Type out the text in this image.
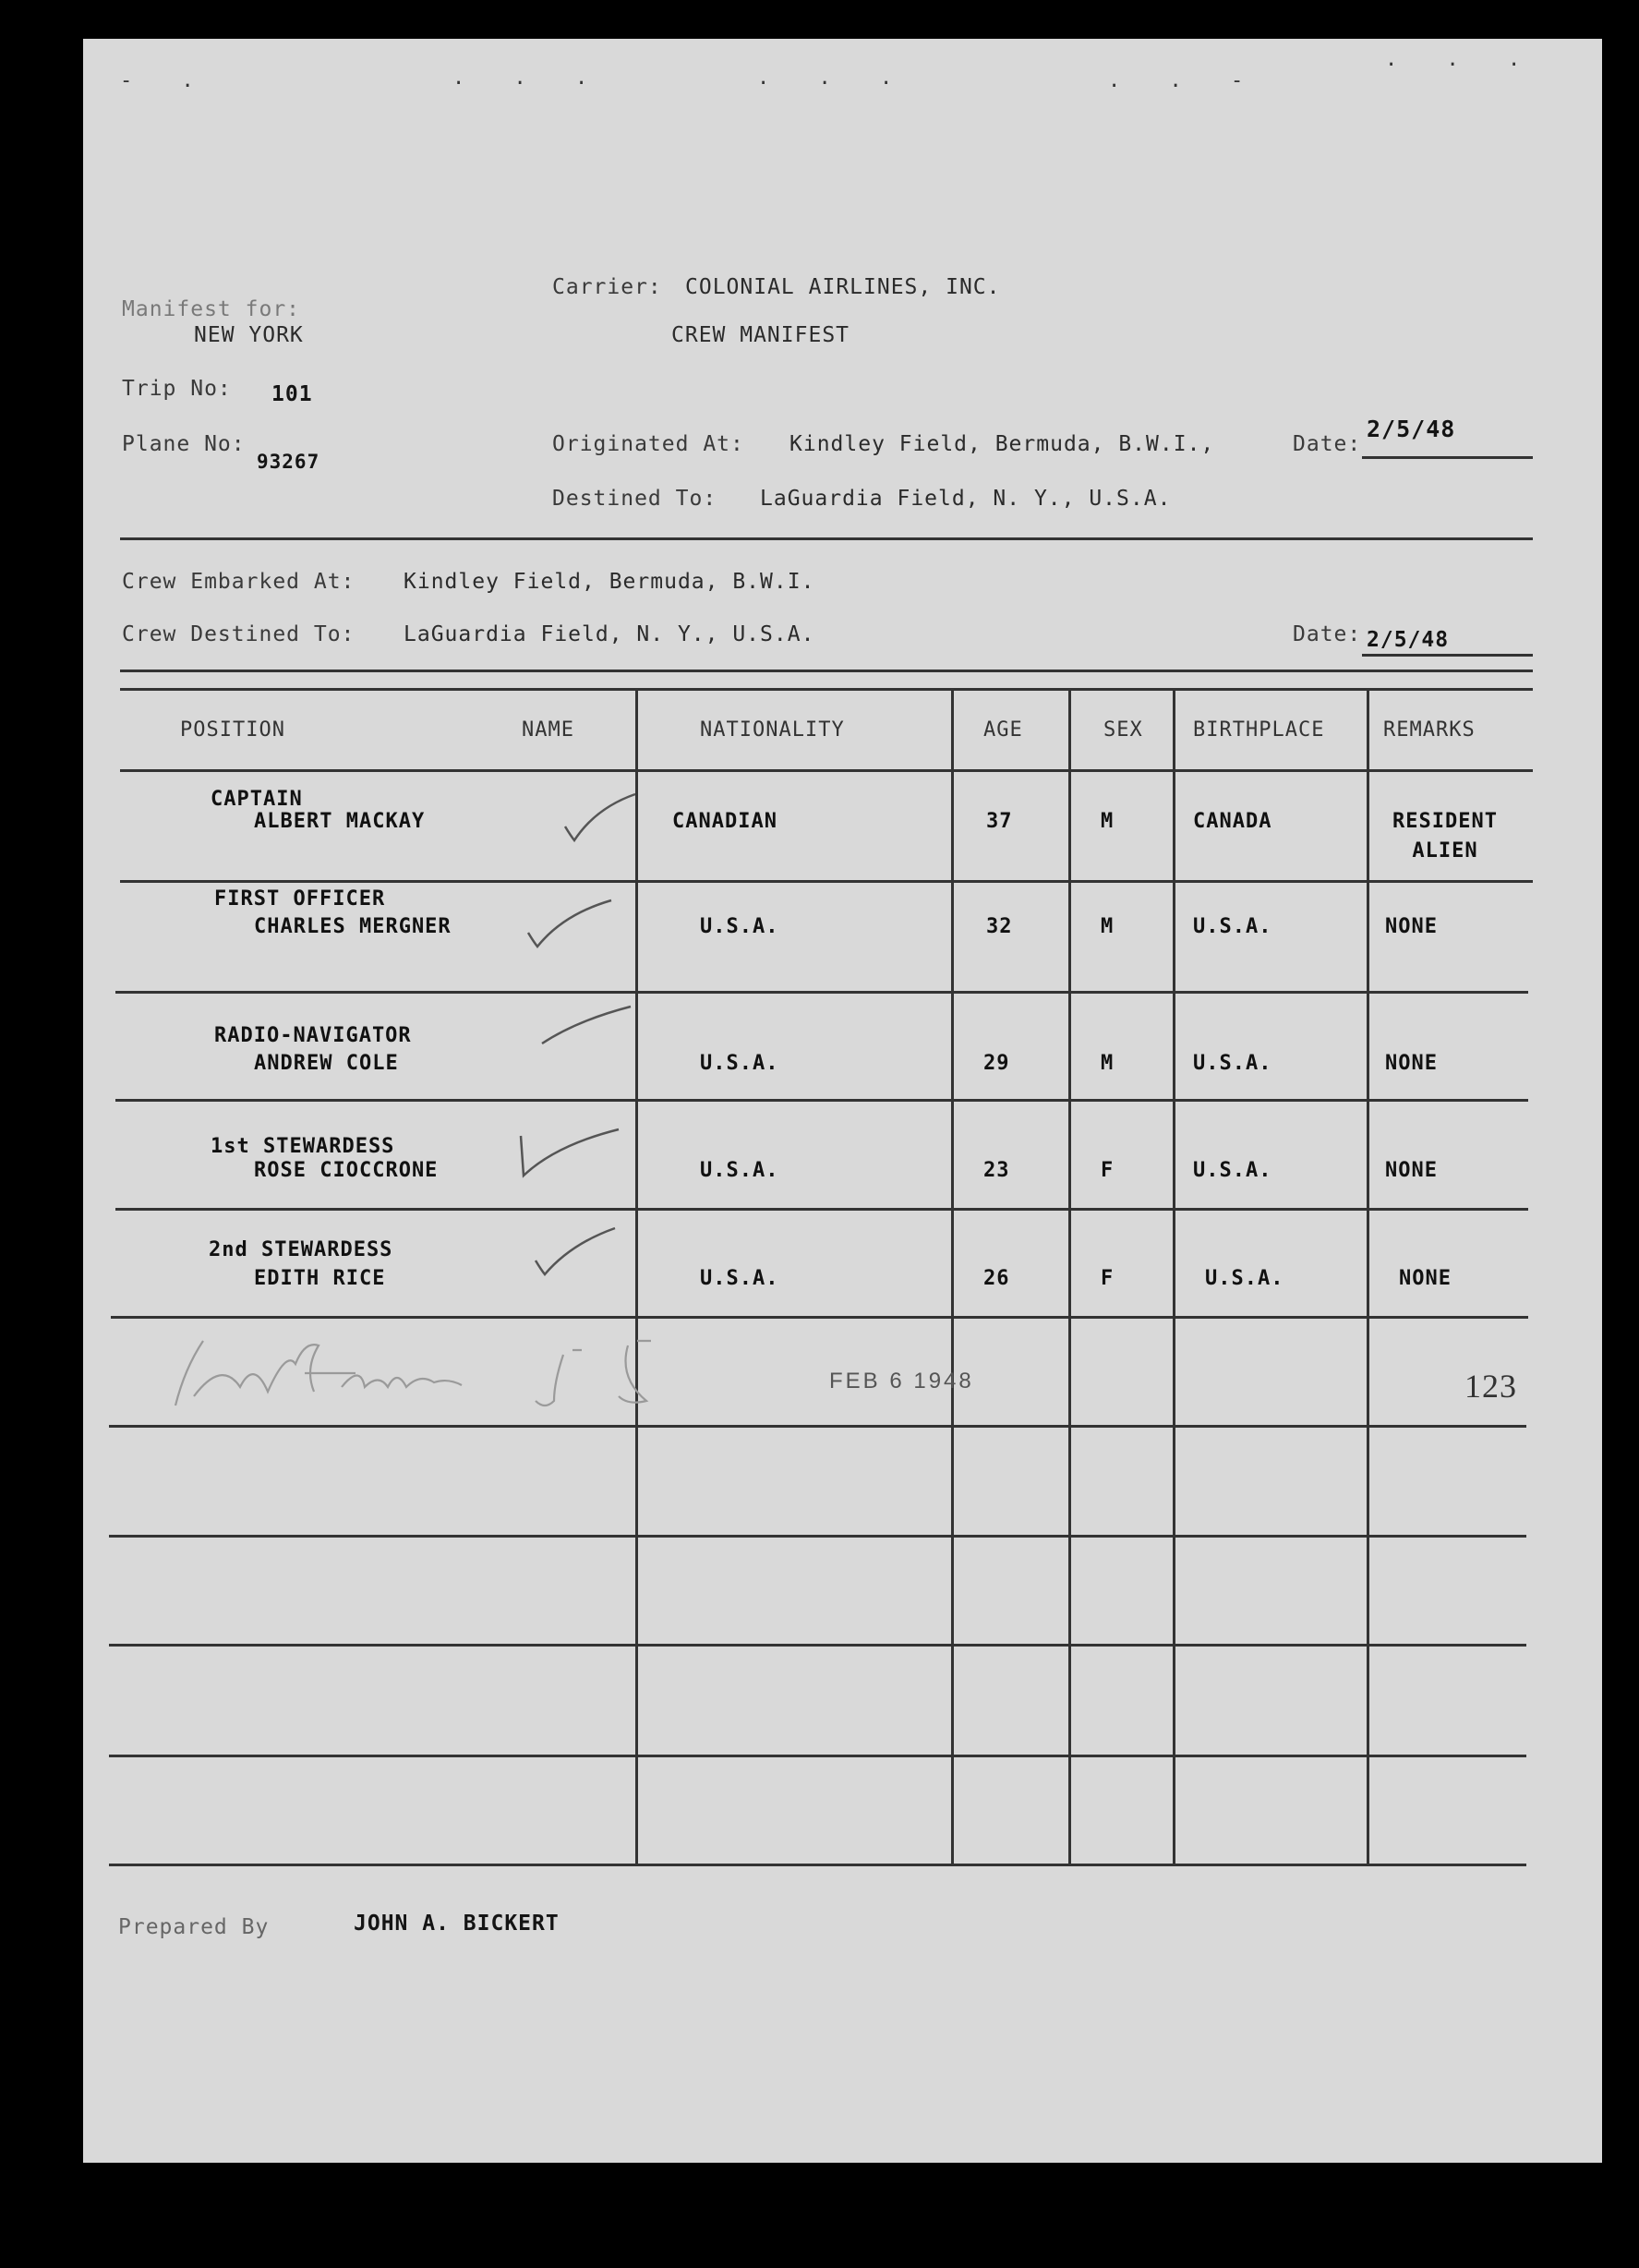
- .	. . .	. . .	. . -
. . .
Carrier: COLONIAL AIRLINES, INC.
Manifest for:
NEW YORK	CREW MANIFEST
Trip No: 101
Plane No:
93267
Originated At: Kindley Field, Bermuda, B.W.I.,	Date:
2/5/48
Destined To: LaGuardia Field, N. Y., U.S.A.
Crew Embarked At: Kindley Field, Bermuda, B.W.I.
Crew Destined To: LaGuardia Field, N. Y., U.S.A.	Date: 2/5/48
POSITION	NAME	NATIONALITY	AGE	SEX BIRTHPLACE	REMARKS
CAPTAIN
ALBERT MACKAY	CANADIAN	37	M	CANADA	RESIDENT ALIEN
FIRST OFFICER
CHARLES MERGNER	U.S.A.	32	M	U.S.A.	NONE
RADIO-NAVIGATOR
ANDREW COLE	U.S.A.	29	M	U.S.A.	NONE
1st STEWARDESS
ROSE CIOCCRONE	U.S.A.	23	F	U.S.A.	NONE
2nd STEWARDESS
EDITH RICE	U.S.A.	26	F	U.S.A.	NONE
FEB 6 1948	123
Prepared By	JOHN A. BICKERT
